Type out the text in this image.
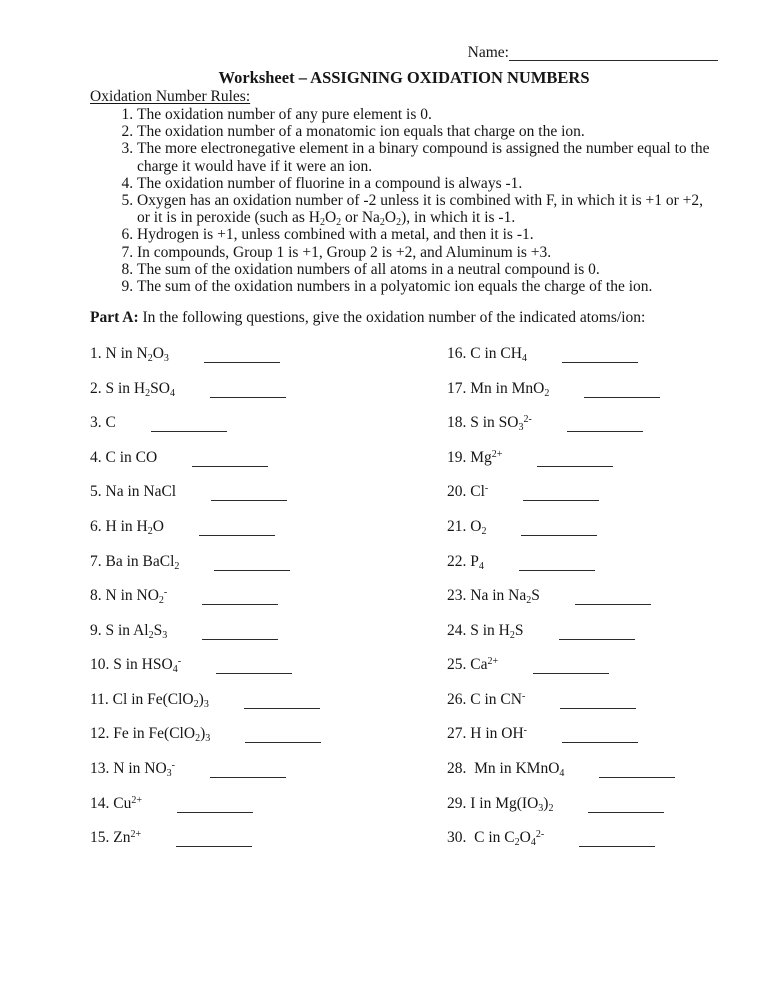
Name:
Worksheet – ASSIGNING OXIDATION NUMBERS
Oxidation Number Rules:
1. The oxidation number of any pure element is 0.
2. The oxidation number of a monatomic ion equals that charge on the ion.
3. The more electronegative element in a binary compound is assigned the number equal to the charge it would have if it were an ion.
4. The oxidation number of fluorine in a compound is always -1.
5. Oxygen has an oxidation number of -2 unless it is combined with F, in which it is +1 or +2, or it is in peroxide (such as $H_2O_2$ or $Na_2O_2$), in which it is -1.
6. Hydrogen is +1, unless combined with a metal, and then it is -1.
7. In compounds, Group 1 is +1, Group 2 is +2, and Aluminum is +3.
8. The sum of the oxidation numbers of all atoms in a neutral compound is 0.
9. The sum of the oxidation numbers in a polyatomic ion equals the charge of the ion.

Part A: In the following questions, give the oxidation number of the indicated atoms/ion:

1. N in $N_2O_3$
2. S in $H_2SO_4$
3. C
4. C in CO
5. Na in NaCl
6. H in $H_2O$
7. Ba in BaCl$_2$
8. N in $NO_2^-$
9. S in $Al_2S_3$
10. S in $HSO_4^-$
11. Cl in $Fe(ClO_2)_3$
12. Fe in $Fe(ClO_2)_3$
13. N in $NO_3^-$
14. $Cu^{2+}$
15. $Zn^{2+}$
16. C in $CH_4$
17. Mn in MnO$_2$
18. S in $SO_3^{2-}$
19. $Mg^{2+}$
20. Cl-
21. $O_2$
22. $P_4$
23. Na in $Na_2S$
24. S in $H_2S$
25. $Ca^{2+}$
26. C in CN-
27. H in OH-
28.  Mn in KMnO$_4$
29. I in $Mg(IO_3)_2$
30.  C in $C_2O_4^{2-}$
